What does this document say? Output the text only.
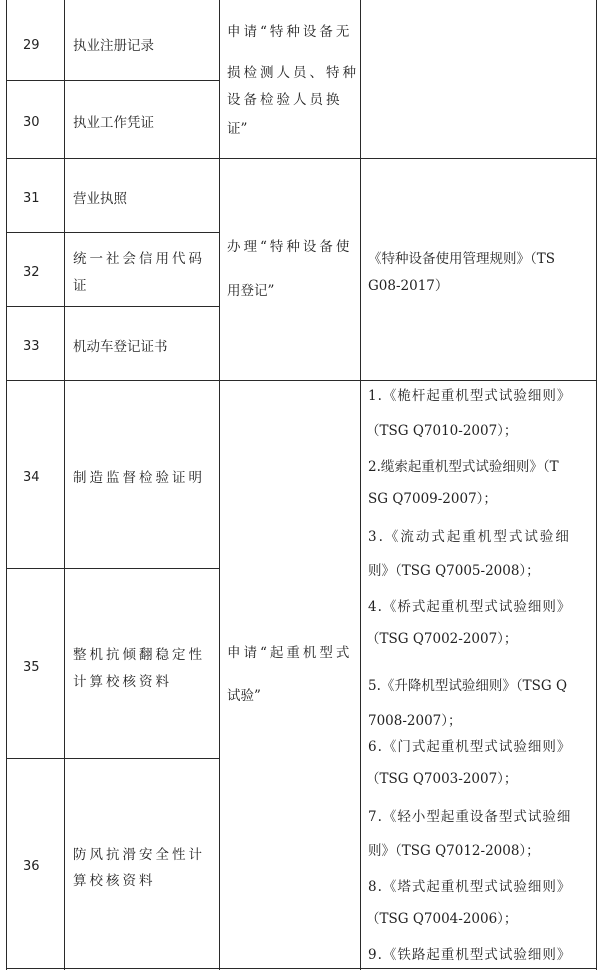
29
30
31
32
33
34
35
36
执业注册记录
执业工作凭证
营业执照
统一社会信用代码
证
机动车登记证书
制造监督检验证明
整机抗倾翻稳定性
计算校核资料
防风抗滑安全性计
算校核资料
申请“特种设备无
损检测人员、特种
设备检验人员换
证”
办理“特种设备使
用登记”
申请“起重机型式
试验”
《特种设备使用管理规则》（TS
G08-2017）
1.《桅杆起重机型式试验细则》
（TSG Q7010-2007）；
2.缆索起重机型式试验细则》（T
SG Q7009-2007）；
3.《流动式起重机型式试验细
则》（TSG Q7005-2008）；
4.《桥式起重机型式试验细则》
（TSG Q7002-2007）；
5.《升降机型试验细则》（TSG Q
7008-2007）；
6.《门式起重机型式试验细则》
（TSG Q7003-2007）；
7.《轻小型起重设备型式试验细
则》（TSG Q7012-2008）；
8.《塔式起重机型式试验细则》
（TSG Q7004-2006）；
9.《铁路起重机型式试验细则》
